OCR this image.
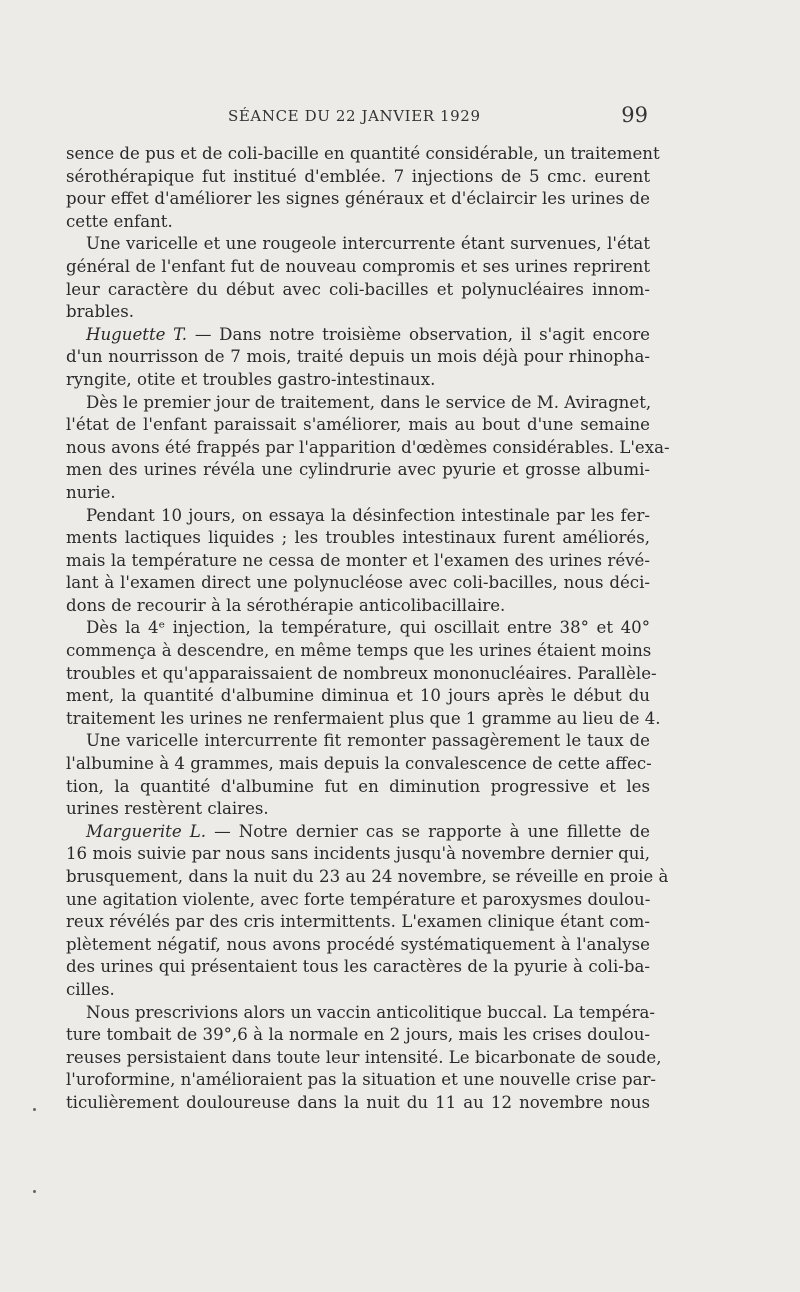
SÉANCE DU 22 JANVIER 1929	99
sence de pus et de coli-bacille en quantité considérable, un traitement
sérothérapique fut institué d'emblée. 7 injections de 5 cmc. eurent
pour effet d'améliorer les signes généraux et d'éclaircir les urines de
cette enfant.
Une varicelle et une rougeole intercurrente étant survenues, l'état
général de l'enfant fut de nouveau compromis et ses urines reprirent
leur caractère du début avec coli-bacilles et polynucléaires innom-
brables.
Huguette T. — Dans notre troisième observation, il s'agit encore
d'un nourrisson de 7 mois, traité depuis un mois déjà pour rhinopha-
ryngite, otite et troubles gastro-intestinaux.
Dès le premier jour de traitement, dans le service de M. Aviragnet,
l'état de l'enfant paraissait s'améliorer, mais au bout d'une semaine
nous avons été frappés par l'apparition d'œdèmes considérables. L'exa-
men des urines révéla une cylindrurie avec pyurie et grosse albumi-
nurie.
Pendant 10 jours, on essaya la désinfection intestinale par les fer-
ments lactiques liquides ; les troubles intestinaux furent améliorés,
mais la température ne cessa de monter et l'examen des urines révé-
lant à l'examen direct une polynucléose avec coli-bacilles, nous déci-
dons de recourir à la sérothérapie anticolibacillaire.
Dès la 4ᵉ injection, la température, qui oscillait entre 38° et 40°
commença à descendre, en même temps que les urines étaient moins
troubles et qu'apparaissaient de nombreux mononucléaires. Parallèle-
ment, la quantité d'albumine diminua et 10 jours après le début du
traitement les urines ne renfermaient plus que 1 gramme au lieu de 4.
Une varicelle intercurrente fit remonter passagèrement le taux de
l'albumine à 4 grammes, mais depuis la convalescence de cette affec-
tion, la quantité d'albumine fut en diminution progressive et les
urines restèrent claires.
Marguerite L. — Notre dernier cas se rapporte à une fillette de
16 mois suivie par nous sans incidents jusqu'à novembre dernier qui,
brusquement, dans la nuit du 23 au 24 novembre, se réveille en proie à
une agitation violente, avec forte température et paroxysmes doulou-
reux révélés par des cris intermittents. L'examen clinique étant com-
plètement négatif, nous avons procédé systématiquement à l'analyse
des urines qui présentaient tous les caractères de la pyurie à coli-ba-
cilles.
Nous prescrivions alors un vaccin anticolitique buccal. La tempéra-
ture tombait de 39°,6 à la normale en 2 jours, mais les crises doulou-
reuses persistaient dans toute leur intensité. Le bicarbonate de soude,
l'uroformine, n'amélioraient pas la situation et une nouvelle crise par-
ticulièrement douloureuse dans la nuit du 11 au 12 novembre nous
